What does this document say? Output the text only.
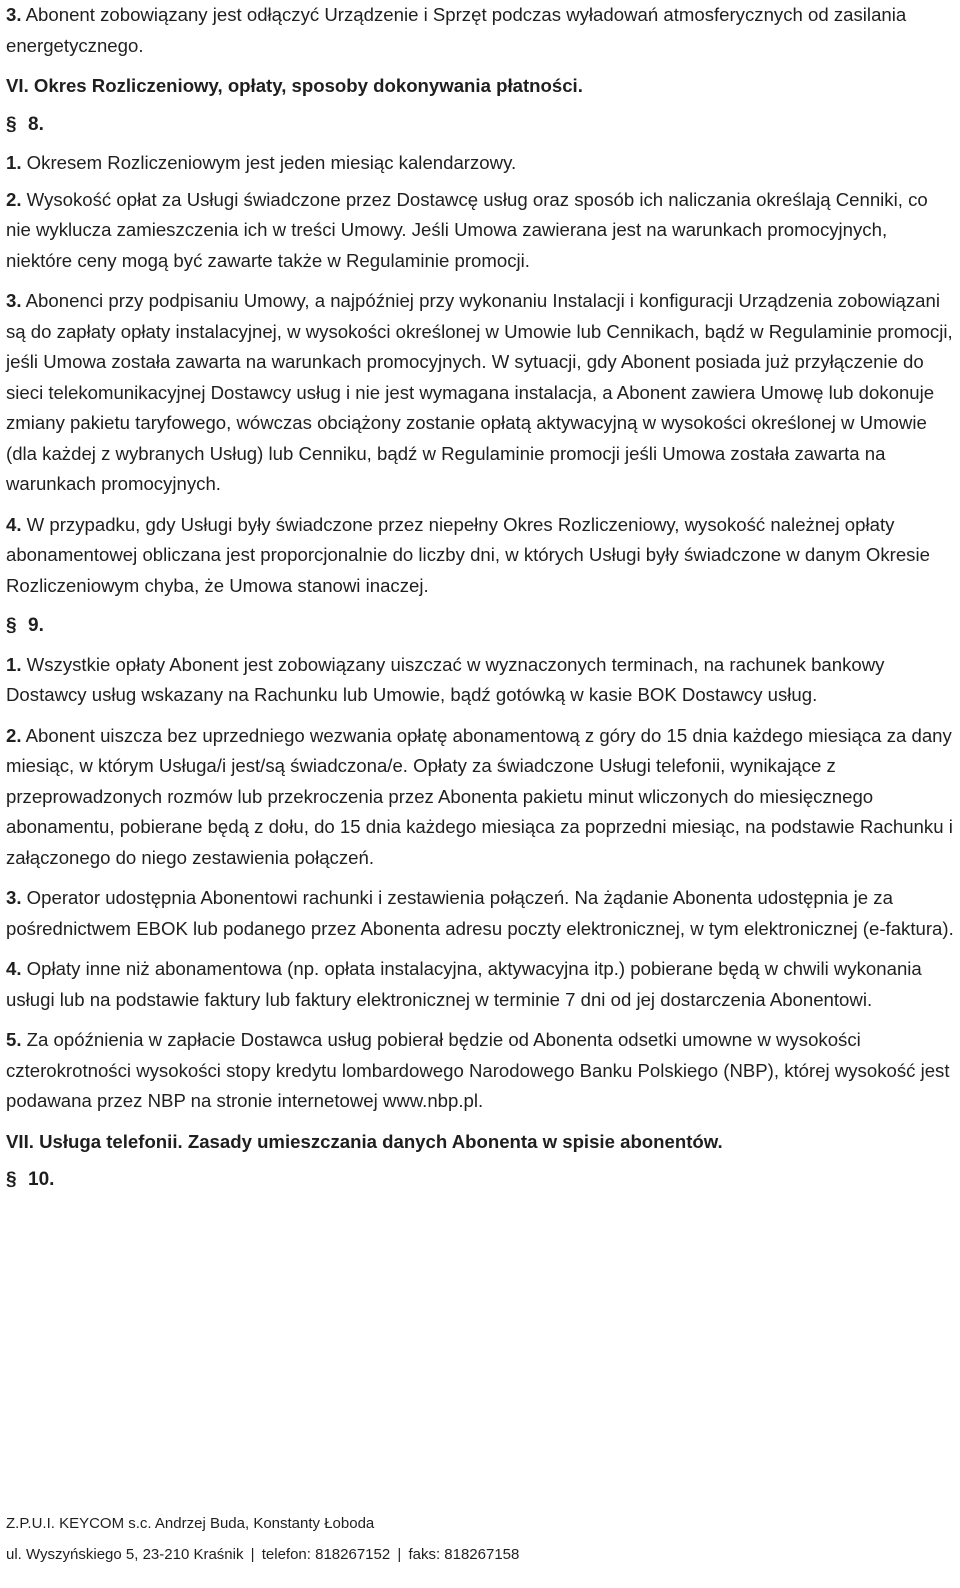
3. Abonent zobowiązany jest odłączyć Urządzenie i Sprzęt podczas wyładowań atmosferycznych od zasilania energetycznego.

VI. Okres Rozliczeniowy, opłaty, sposoby dokonywania płatności.
§ 8.

1. Okresem Rozliczeniowym jest jeden miesiąc kalendarzowy.

2. Wysokość opłat za Usługi świadczone przez Dostawcę usług oraz sposób ich naliczania określają Cenniki, co nie wyklucza zamieszczenia ich w treści Umowy. Jeśli Umowa zawierana jest na warunkach promocyjnych, niektóre ceny mogą być zawarte także w Regulaminie promocji.

3. Abonenci przy podpisaniu Umowy, a najpóźniej przy wykonaniu Instalacji i konfiguracji Urządzenia zobowiązani są do zapłaty opłaty instalacyjnej, w wysokości określonej w Umowie lub Cennikach, bądź w Regulaminie promocji, jeśli Umowa została zawarta na warunkach promocyjnych. W sytuacji, gdy Abonent posiada już przyłączenie do sieci telekomunikacyjnej Dostawcy usług i nie jest wymagana instalacja, a Abonent zawiera Umowę lub dokonuje zmiany pakietu taryfowego, wówczas obciążony zostanie opłatą aktywacyjną w wysokości określonej w Umowie (dla każdej z wybranych Usług) lub Cenniku, bądź w Regulaminie promocji jeśli Umowa została zawarta na warunkach promocyjnych.

4. W przypadku, gdy Usługi były świadczone przez niepełny Okres Rozliczeniowy, wysokość należnej opłaty abonamentowej obliczana jest proporcjonalnie do liczby dni, w których Usługi były świadczone w danym Okresie Rozliczeniowym chyba, że Umowa stanowi inaczej.

§ 9.

1. Wszystkie opłaty Abonent jest zobowiązany uiszczać w wyznaczonych terminach, na rachunek bankowy Dostawcy usług wskazany na Rachunku lub Umowie, bądź gotówką w kasie BOK Dostawcy usług.

2. Abonent uiszcza bez uprzedniego wezwania opłatę abonamentową z góry do 15 dnia każdego miesiąca za dany miesiąc, w którym Usługa/i jest/są świadczona/e. Opłaty za świadczone Usługi telefonii, wynikające z przeprowadzonych rozmów lub przekroczenia przez Abonenta pakietu minut wliczonych do miesięcznego abonamentu, pobierane będą z dołu, do 15 dnia każdego miesiąca za poprzedni miesiąc, na podstawie Rachunku i załączonego do niego zestawienia połączeń.

3. Operator udostępnia Abonentowi rachunki i zestawienia połączeń. Na żądanie Abonenta udostępnia je za pośrednictwem EBOK lub podanego przez Abonenta adresu poczty elektronicznej, w tym elektronicznej (e-faktura).

4. Opłaty inne niż abonamentowa (np. opłata instalacyjna, aktywacyjna itp.) pobierane będą w chwili wykonania usługi lub na podstawie faktury lub faktury elektronicznej w terminie 7 dni od jej dostarczenia Abonentowi.

5. Za opóźnienia w zapłacie Dostawca usług pobierał będzie od Abonenta odsetki umowne w wysokości czterokrotności wysokości stopy kredytu lombardowego Narodowego Banku Polskiego (NBP), której wysokość jest podawana przez NBP na stronie internetowej www.nbp.pl.

VII. Usługa telefonii. Zasady umieszczania danych Abonenta w spisie abonentów.
§ 10.
Z.P.U.I. KEYCOM s.c. Andrzej Buda, Konstanty Łoboda
ul. Wyszyńskiego 5, 23-210 Kraśnik | telefon: 818267152 | faks: 818267158
